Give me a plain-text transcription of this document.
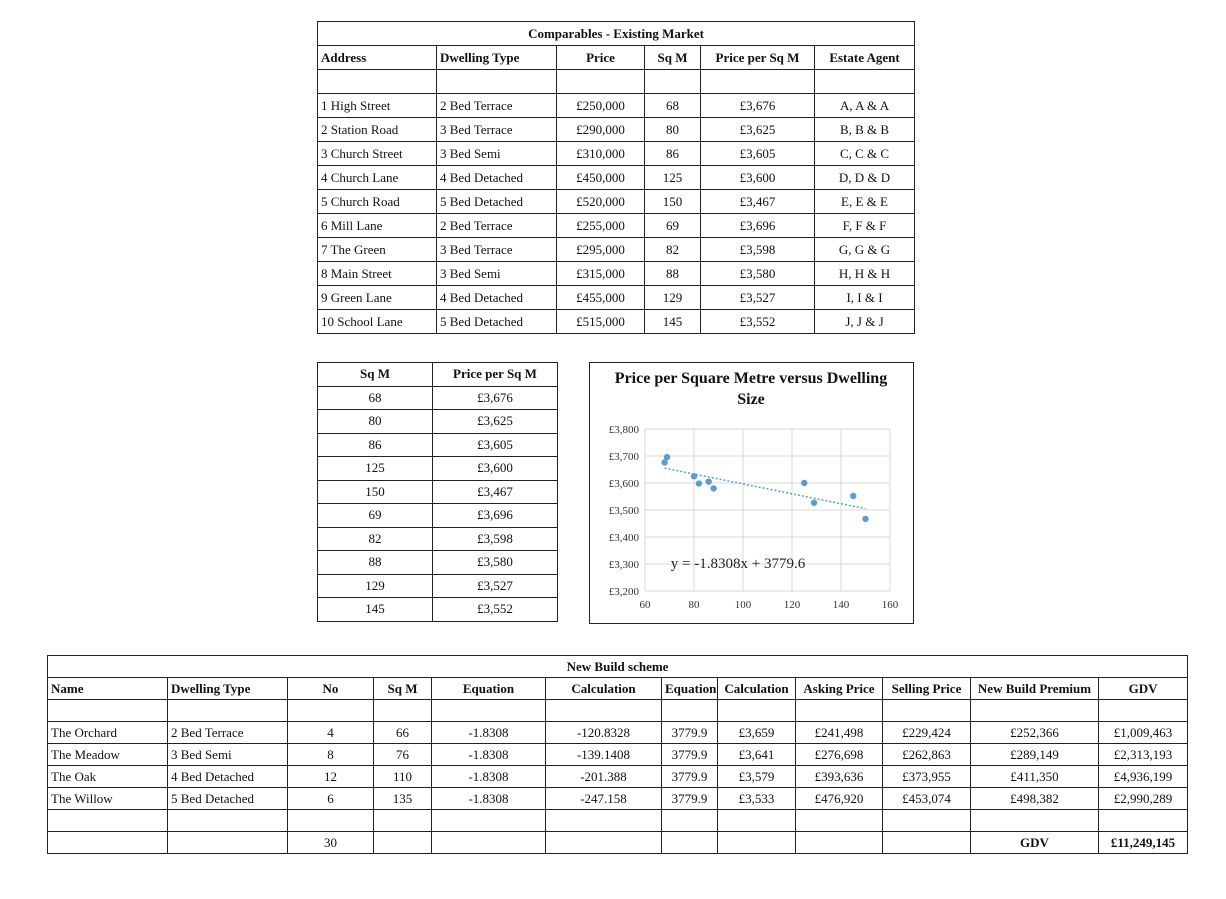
Comparables - Existing Market					
Address	Dwelling Type	Price	Sq M	Price per Sq M	Estate Agent

1 High Street	2 Bed Terrace	£250,000	68	£3,676	A, A & A
2 Station Road	3 Bed Terrace	£290,000	80	£3,625	B, B & B
3 Church Street	3 Bed Semi	£310,000	86	£3,605	C, C & C
4 Church Lane	4 Bed Detached	£450,000	125	£3,600	D, D & D
5 Church Road	5 Bed Detached	£520,000	150	£3,467	E, E & E
6 Mill Lane	2 Bed Terrace	£255,000	69	£3,696	F, F & F
7 The Green	3 Bed Terrace	£295,000	82	£3,598	G, G & G
8 Main Street	3 Bed Semi	£315,000	88	£3,580	H, H & H
9 Green Lane	4 Bed Detached	£455,000	129	£3,527	I, I & I
10 School Lane	5 Bed Detached	£515,000	145	£3,552	J, J & J
Sq M	Price per Sq M
68	£3,676
80	£3,625
86	£3,605
125	£3,600
150	£3,467
69	£3,696
82	£3,598
88	£3,580
129	£3,527
145	£3,552
Price per Square Metre versus Dwelling
Size
£3,200
£3,300
£3,400
£3,500
£3,600
£3,700
£3,800
60	80	100	120	140	160
y = -1.8308x + 3779.6
New Build scheme											
Name	Dwelling Type	No	Sq M	Equation	Calculation	Equation	Calculation	Asking Price	Selling Price	New Build Premium	GDV

The Orchard	2 Bed Terrace	4	66	-1.8308	-120.8328	3779.9	£3,659	£241,498	£229,424	£252,366	£1,009,463
The Meadow	3 Bed Semi	8	76	-1.8308	-139.1408	3779.9	£3,641	£276,698	£262,863	£289,149	£2,313,193
The Oak	4 Bed Detached	12	110	-1.8308	-201.388	3779.9	£3,579	£393,636	£373,955	£411,350	£4,936,199
The Willow	5 Bed Detached	6	135	-1.8308	-247.158	3779.9	£3,533	£476,920	£453,074	£498,382	£2,990,289

		30								GDV	£11,249,145
